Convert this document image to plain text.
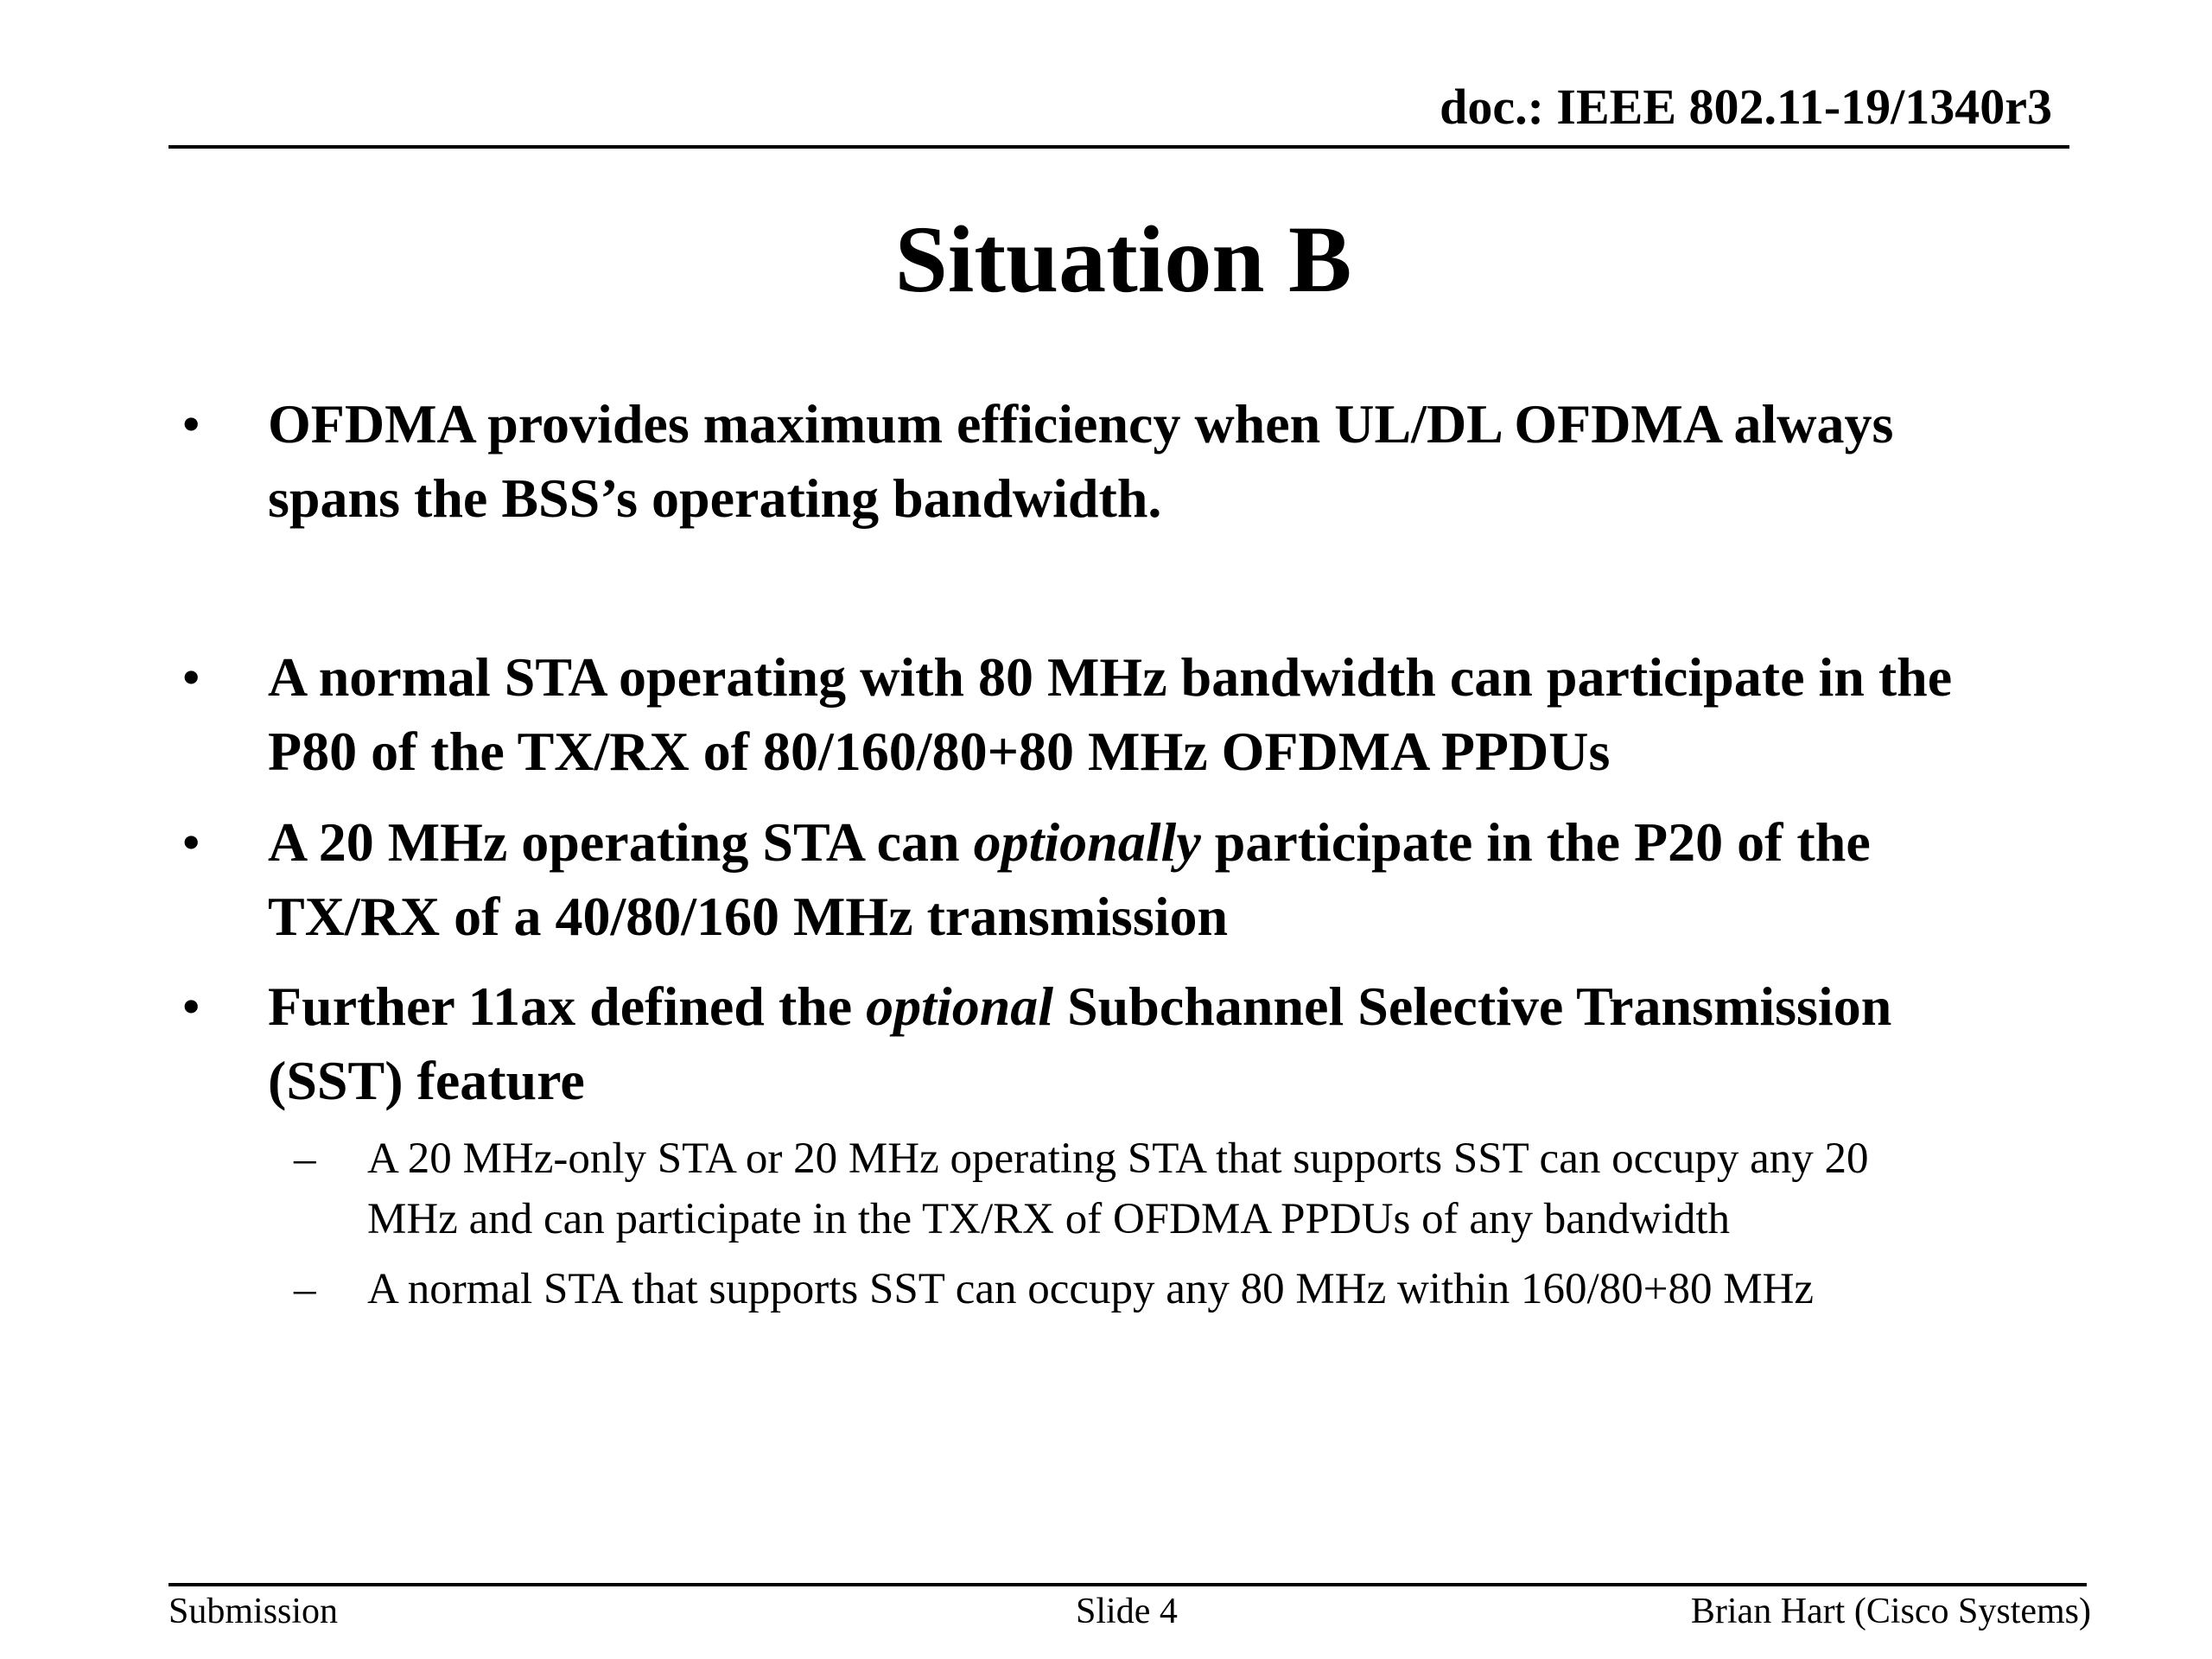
doc.: IEEE 802.11-19/1340r3
Situation B
• OFDMA provides maximum efficiency when UL/DL OFDMA always
spans the BSS’s operating bandwidth.
• A normal STA operating with 80 MHz bandwidth can participate in the
P80 of the TX/RX of 80/160/80+80 MHz OFDMA PPDUs
• A 20 MHz operating STA can optionally participate in the P20 of the
TX/RX of a 40/80/160 MHz transmission
• Further 11ax defined the optional Subchannel Selective Transmission
(SST) feature
– A 20 MHz-only STA or 20 MHz operating STA that supports SST can occupy any 20
MHz and can participate in the TX/RX of OFDMA PPDUs of any bandwidth
– A normal STA that supports SST can occupy any 80 MHz within 160/80+80 MHz
Submission	Slide 4	Brian Hart (Cisco Systems)
